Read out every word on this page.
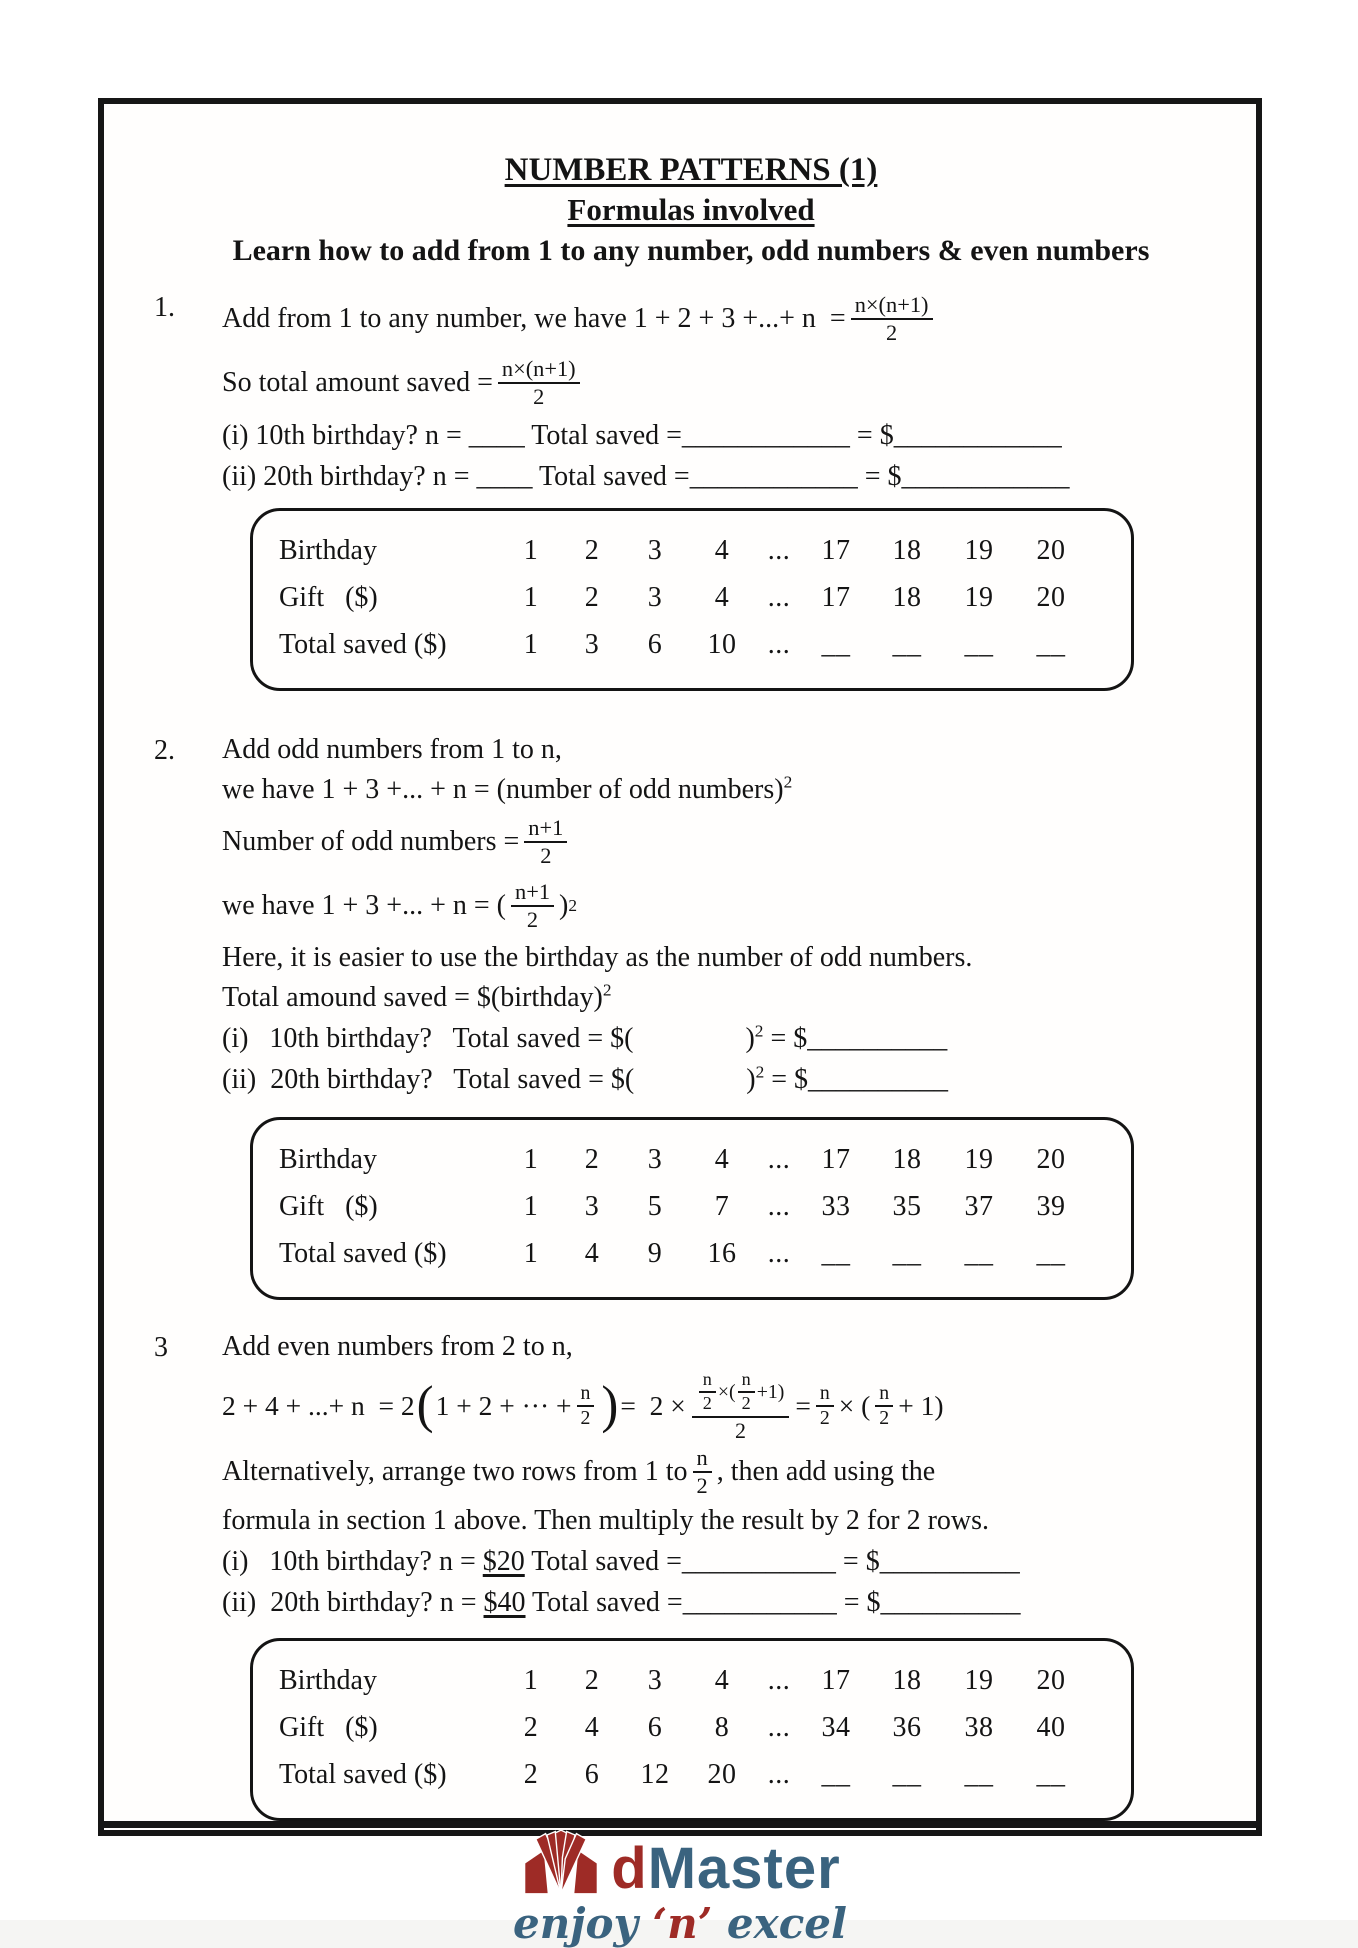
NUMBER PATTERNS (1)
Formulas involved
Learn how to add from 1 to any number, odd numbers & even numbers
1.	Add from 1 to any number, we have 1 + 2 + 3 +...+ $n = \frac{n\times(n+1)}{2}$
So total amount saved = $\frac{n\times(n+1)}{2}$
(i) 10th birthday? n = ____ Total saved =____________ = $____________
(ii) 20th birthday? n = ____ Total saved =____________ = $____________
Birthday	1	2	3	4	...	17	18	19	20
Gift   ($)	1	2	3	4	...	17	18	19	20
Total saved ($)	1	3	6	10	...	__	__	__	__
2.	Add odd numbers from 1 to n,
we have 1 + 3 +... + n = (number of odd numbers)$^2$
Number of odd numbers = $\frac{n+1}{2}$
we have 1 + 3 +... + n = ( $\frac{n+1}{2}$ ) 2
Here, it is easier to use the birthday as the number of odd numbers.
Total amound saved = $(birthday)$^2$
(i)   10th birthday?   Total saved = $(	)$^2$ = $__________
(ii)  20th birthday?   Total saved = $(	)$^2$ = $__________
Birthday	1	2	3	4	...	17	18	19	20
Gift   ($)	1	3	5	7	...	33	35	37	39
Total saved ($)	1	4	9	16	...	__	__	__	__
3	Add even numbers from 2 to n,
2 + 4 + ...+ n  = 2 ( 1 + 2 + ··· + $\frac{n}{2}$ ) =  $2 \times \frac{\frac{n}{2} \times( \frac{n}{2} +1)}{2} = \frac{n}{2}$ × ( $\frac{n}{2} + 1$)
Alternatively, arrange two rows from 1 to $\frac{n}{2}$ , then add using the
formula in section 1 above. Then multiply the result by 2 for 2 rows.
(i)   10th birthday? n = $20 Total saved =___________ = $__________
(ii)  20th birthday? n = $40 Total saved =___________ = $__________
Birthday	1	2	3	4	...	17	18	19	20
Gift   ($)	2	4	6	8	...	34	36	38	40
Total saved ($)	2	6	12	20	...	__	__	__	__
dMaster
enjoy ‘n’ excel
